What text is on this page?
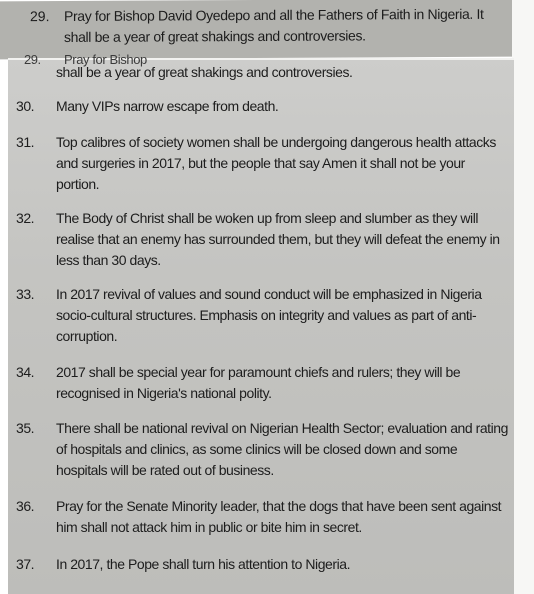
29. Pray for Bishop David Oyedepo and all the Fathers of Faith in Nigeria. It shall be a year of great shakings and controversies.
29. Pray for Bishop
shall be a year of great shakings and controversies.
30. Many VIPs narrow escape from death.
31. Top calibres of society women shall be undergoing dangerous health attacks and surgeries in 2017, but the people that say Amen it shall not be your portion.
32. The Body of Christ shall be woken up from sleep and slumber as they will realise that an enemy has surrounded them, but they will defeat the enemy in less than 30 days.
33. In 2017 revival of values and sound conduct will be emphasized in Nigeria socio-cultural structures. Emphasis on integrity and values as part of anti-corruption.
34. 2017 shall be special year for paramount chiefs and rulers; they will be recognised in Nigeria's national polity.
35. There shall be national revival on Nigerian Health Sector; evaluation and rating of hospitals and clinics, as some clinics will be closed down and some hospitals will be rated out of business.
36. Pray for the Senate Minority leader, that the dogs that have been sent against him shall not attack him in public or bite him in secret.
37. In 2017, the Pope shall turn his attention to Nigeria.
